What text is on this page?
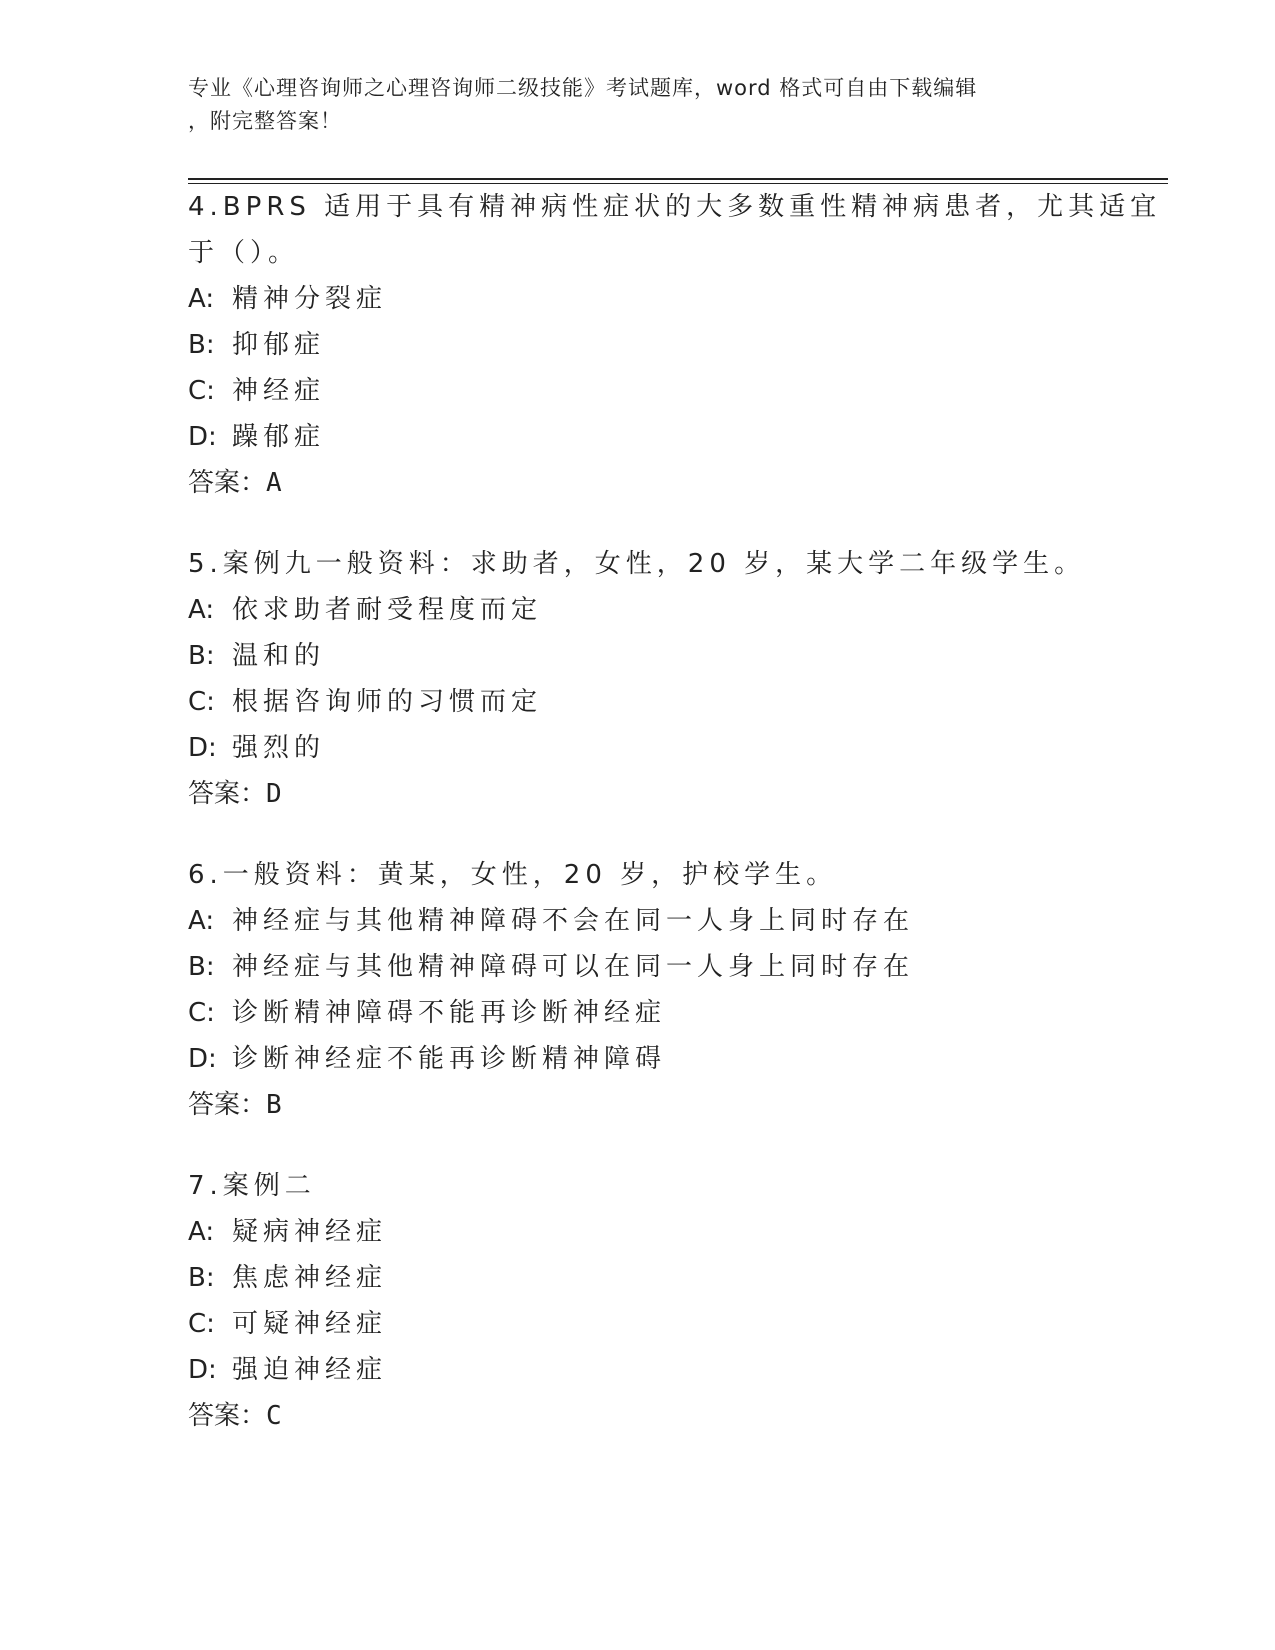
专业《心理咨询师之心理咨询师二级技能》考试题库，word 格式可自由下载编辑
，附完整答案！
4.BPRS 适用于具有精神病性症状的大多数重性精神病患者，尤其适宜
于（）。
A: 精神分裂症
B: 抑郁症
C: 神经症
D: 躁郁症
答案：A
5.案例九一般资料：求助者，女性，20 岁，某大学二年级学生。
A: 依求助者耐受程度而定
B: 温和的
C: 根据咨询师的习惯而定
D: 强烈的
答案：D
6.一般资料：黄某，女性，20 岁，护校学生。
A: 神经症与其他精神障碍不会在同一人身上同时存在
B: 神经症与其他精神障碍可以在同一人身上同时存在
C: 诊断精神障碍不能再诊断神经症
D: 诊断神经症不能再诊断精神障碍
答案：B
7.案例二
A: 疑病神经症
B: 焦虑神经症
C: 可疑神经症
D: 强迫神经症
答案：C
